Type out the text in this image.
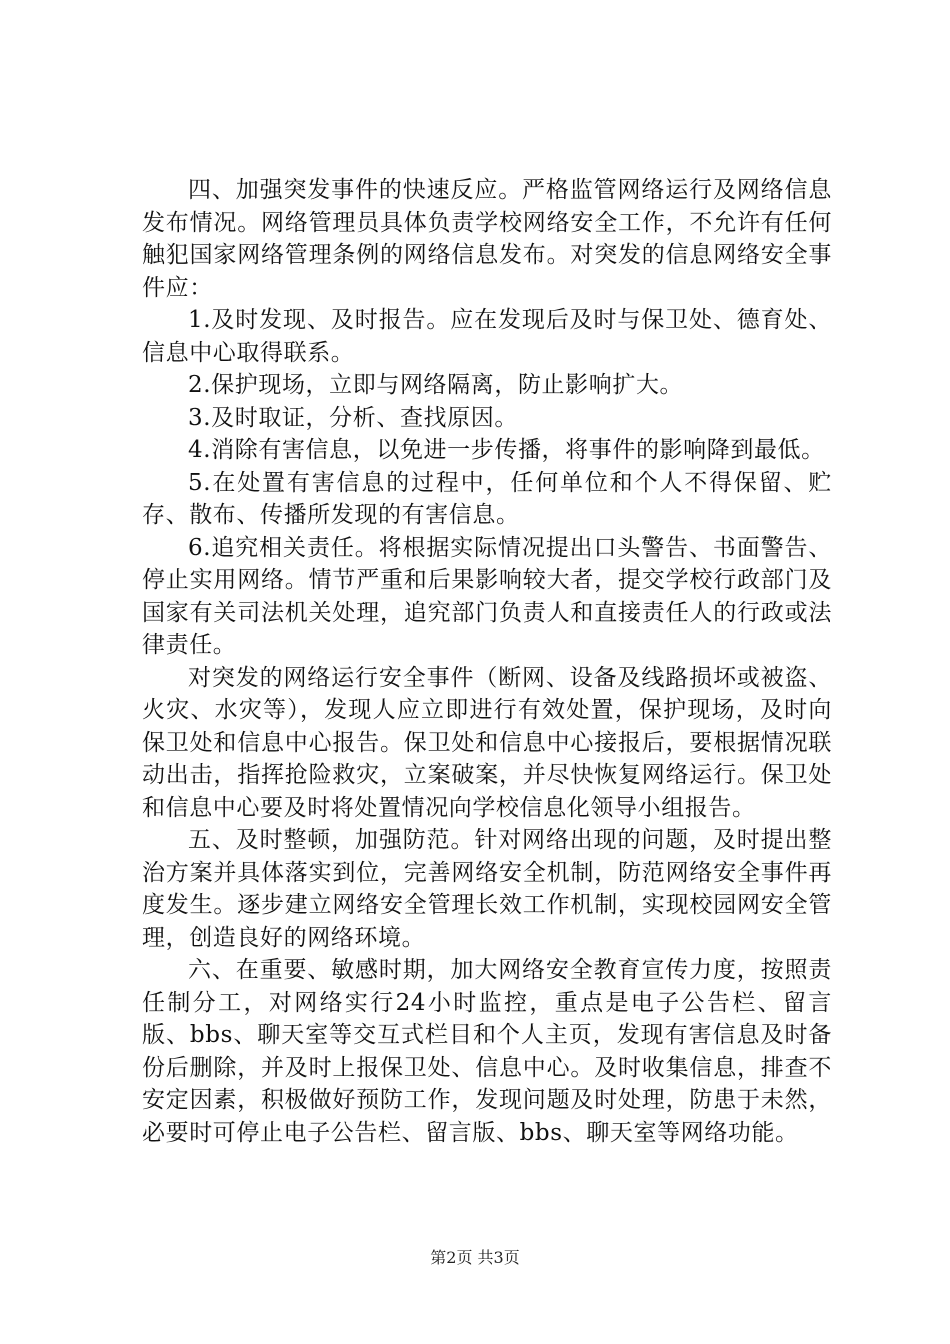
四、加强突发事件的快速反应。严格监管网络运行及网络信息发布情况。网络管理员具体负责学校网络安全工作，不允许有任何触犯国家网络管理条例的网络信息发布。对突发的信息网络安全事件应：

1.及时发现、及时报告。应在发现后及时与保卫处、德育处、信息中心取得联系。

2.保护现场，立即与网络隔离，防止影响扩大。

3.及时取证，分析、查找原因。

4.消除有害信息，以免进一步传播，将事件的影响降到最低。

5.在处置有害信息的过程中，任何单位和个人不得保留、贮存、散布、传播所发现的有害信息。

6.追究相关责任。将根据实际情况提出口头警告、书面警告、停止实用网络。情节严重和后果影响较大者，提交学校行政部门及国家有关司法机关处理，追究部门负责人和直接责任人的行政或法律责任。

对突发的网络运行安全事件（断网、设备及线路损坏或被盗、火灾、水灾等），发现人应立即进行有效处置，保护现场，及时向保卫处和信息中心报告。保卫处和信息中心接报后，要根据情况联动出击，指挥抢险救灾，立案破案，并尽快恢复网络运行。保卫处和信息中心要及时将处置情况向学校信息化领导小组报告。

五、及时整顿，加强防范。针对网络出现的问题，及时提出整治方案并具体落实到位，完善网络安全机制，防范网络安全事件再度发生。逐步建立网络安全管理长效工作机制，实现校园网安全管理，创造良好的网络环境。

六、在重要、敏感时期，加大网络安全教育宣传力度，按照责任制分工，对网络实行24小时监控，重点是电子公告栏、留言版、bbs、聊天室等交互式栏目和个人主页，发现有害信息及时备份后删除，并及时上报保卫处、信息中心。及时收集信息，排查不安定因素，积极做好预防工作，发现问题及时处理，防患于未然，必要时可停止电子公告栏、留言版、bbs、聊天室等网络功能。

第2页 共3页
